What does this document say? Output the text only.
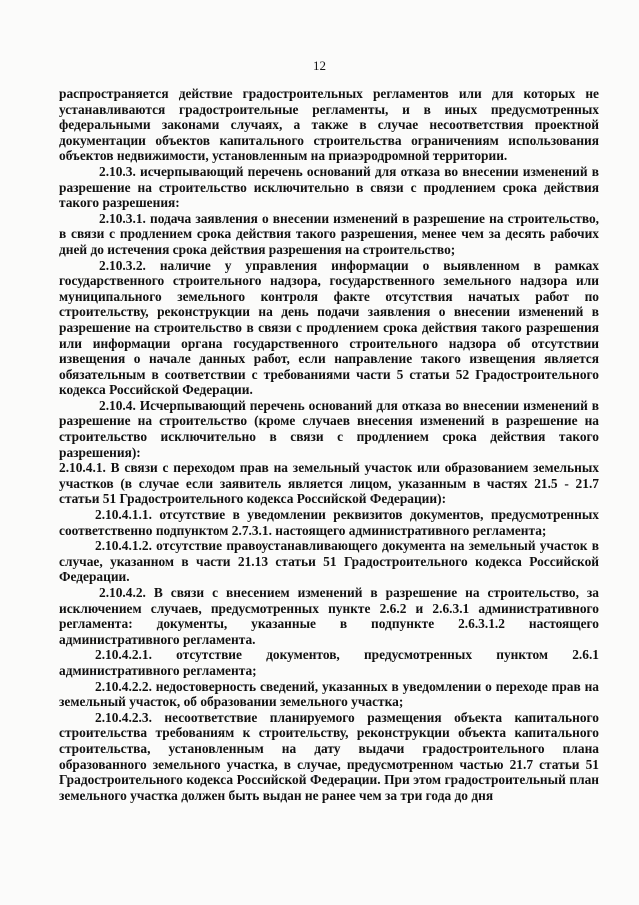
12

распространяется действие градостроительных регламентов или для которых не устанавливаются градостроительные регламенты, и в иных предусмотренных федеральными законами случаях, а также в случае несоответствия проектной документации объектов капитального строительства ограничениям использования объектов недвижимости, установленным на приаэродромной территории.

2.10.3. исчерпывающий перечень оснований для отказа во внесении изменений в разрешение на строительство исключительно в связи с продлением срока действия такого разрешения:

2.10.3.1. подача заявления о внесении изменений в разрешение на строительство, в связи с продлением срока действия такого разрешения, менее чем за десять рабочих дней до истечения срока действия разрешения на строительство;

2.10.3.2. наличие у управления информации о выявленном в рамках государственного строительного надзора, государственного земельного надзора или муниципального земельного контроля факте отсутствия начатых работ по строительству, реконструкции на день подачи заявления о внесении изменений в разрешение на строительство в связи с продлением срока действия такого разрешения или информации органа государственного строительного надзора об отсутствии извещения о начале данных работ, если направление такого извещения является обязательным в соответствии с требованиями части 5 статьи 52 Градостроительного кодекса Российской Федерации.

2.10.4. Исчерпывающий перечень оснований для отказа во внесении изменений в разрешение на строительство (кроме случаев внесения изменений в разрешение на строительство исключительно в связи с продлением срока действия такого разрешения):

2.10.4.1. В связи с переходом прав на земельный участок или образованием земельных участков (в случае если заявитель является лицом, указанным в частях 21.5 - 21.7 статьи 51 Градостроительного кодекса Российской Федерации):

2.10.4.1.1. отсутствие в уведомлении реквизитов документов, предусмотренных соответственно подпунктом 2.7.3.1. настоящего административного регламента;

2.10.4.1.2. отсутствие правоустанавливающего документа на земельный участок в случае, указанном в части 21.13 статьи 51 Градостроительного кодекса Российской Федерации.

2.10.4.2. В связи с внесением изменений в разрешение на строительство, за исключением случаев, предусмотренных пункте 2.6.2 и 2.6.3.1 административного регламента: документы, указанные в подпункте 2.6.3.1.2 настоящего административного регламента.

2.10.4.2.1. отсутствие документов, предусмотренных пунктом 2.6.1 административного регламента;

2.10.4.2.2. недостоверность сведений, указанных в уведомлении о переходе прав на земельный участок, об образовании земельного участка;

2.10.4.2.3. несоответствие планируемого размещения объекта капитального строительства требованиям к строительству, реконструкции объекта капитального строительства, установленным на дату выдачи градостроительного плана образованного земельного участка, в случае, предусмотренном частью 21.7 статьи 51 Градостроительного кодекса Российской Федерации. При этом градостроительный план земельного участка должен быть выдан не ранее чем за три года до дня
